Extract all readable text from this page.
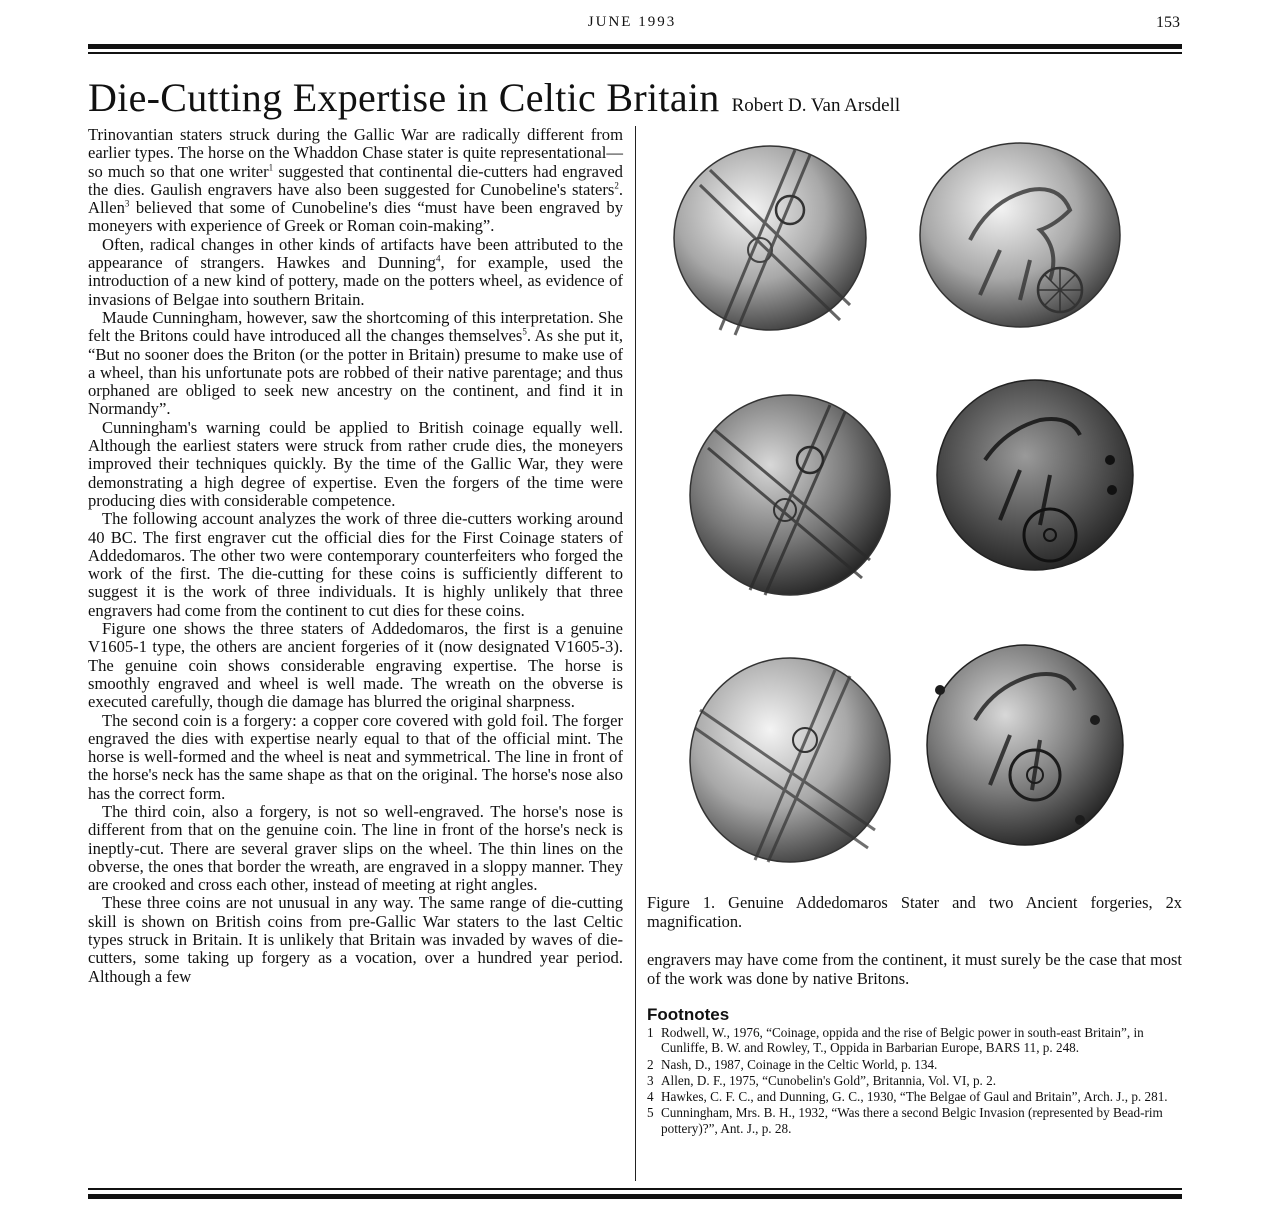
JUNE 1993	153
Die-Cutting Expertise in Celtic Britain Robert D. Van Arsdell

Trinovantian staters struck during the Gallic War are radically different from earlier types. The horse on the Whaddon Chase stater is quite representational—so much so that one writer$^1$ suggested that continental die-cutters had engraved the dies. Gaulish engravers have also been suggested for Cunobeline's staters$^2$. Allen$^3$ believed that some of Cunobeline's dies “must have been engraved by moneyers with experience of Greek or Roman coin-making”.

Often, radical changes in other kinds of artifacts have been attributed to the appearance of strangers. Hawkes and Dunning$^4$, for example, used the introduction of a new kind of pottery, made on the potters wheel, as evidence of invasions of Belgae into southern Britain.

Maude Cunningham, however, saw the shortcoming of this interpretation. She felt the Britons could have introduced all the changes themselves$^5$. As she put it, “But no sooner does the Briton (or the potter in Britain) presume to make use of a wheel, than his unfortunate pots are robbed of their native parentage; and thus orphaned are obliged to seek new ancestry on the continent, and find it in Normandy”.

Cunningham's warning could be applied to British coinage equally well. Although the earliest staters were struck from rather crude dies, the moneyers improved their techniques quickly. By the time of the Gallic War, they were demonstrating a high degree of expertise. Even the forgers of the time were producing dies with considerable competence.

The following account analyzes the work of three die-cutters working around 40 BC. The first engraver cut the official dies for the First Coinage staters of Addedomaros. The other two were contemporary counterfeiters who forged the work of the first. The die-cutting for these coins is sufficiently different to suggest it is the work of three individuals. It is highly unlikely that three engravers had come from the continent to cut dies for these coins.

Figure one shows the three staters of Addedomaros, the first is a genuine V1605-1 type, the others are ancient forgeries of it (now designated V1605-3). The genuine coin shows considerable engraving expertise. The horse is smoothly engraved and wheel is well made. The wreath on the obverse is executed carefully, though die damage has blurred the original sharpness.

The second coin is a forgery: a copper core covered with gold foil. The forger engraved the dies with expertise nearly equal to that of the official mint. The horse is well-formed and the wheel is neat and symmetrical. The line in front of the horse's neck has the same shape as that on the original. The horse's nose also has the correct form.

The third coin, also a forgery, is not so well-engraved. The horse's nose is different from that on the genuine coin. The line in front of the horse's neck is ineptly-cut. There are several graver slips on the wheel. The thin lines on the obverse, the ones that border the wreath, are engraved in a sloppy manner. They are crooked and cross each other, instead of meeting at right angles.

These three coins are not unusual in any way. The same range of die-cutting skill is shown on British coins from pre-Gallic War staters to the last Celtic types struck in Britain. It is unlikely that Britain was invaded by waves of die-cutters, some taking up forgery as a vocation, over a hundred year period. Although a few

Figure 1. Genuine Addedomaros Stater and two Ancient forgeries, 2x magnification.
engravers may have come from the continent, it must surely be the case that most of the work was done by native Britons.
Footnotes
1 Rodwell, W., 1976, “Coinage, oppida and the rise of Belgic power in south-east Britain”, in Cunliffe, B. W. and Rowley, T., Oppida in Barbarian Europe, BARS 11, p. 248.
2 Nash, D., 1987, Coinage in the Celtic World, p. 134.
3 Allen, D. F., 1975, “Cunobelin's Gold”, Britannia, Vol. VI, p. 2.
4 Hawkes, C. F. C., and Dunning, G. C., 1930, “The Belgae of Gaul and Britain”, Arch. J., p. 281.
5 Cunningham, Mrs. B. H., 1932, “Was there a second Belgic Invasion (represented by Bead-rim pottery)?”, Ant. J., p. 28.
